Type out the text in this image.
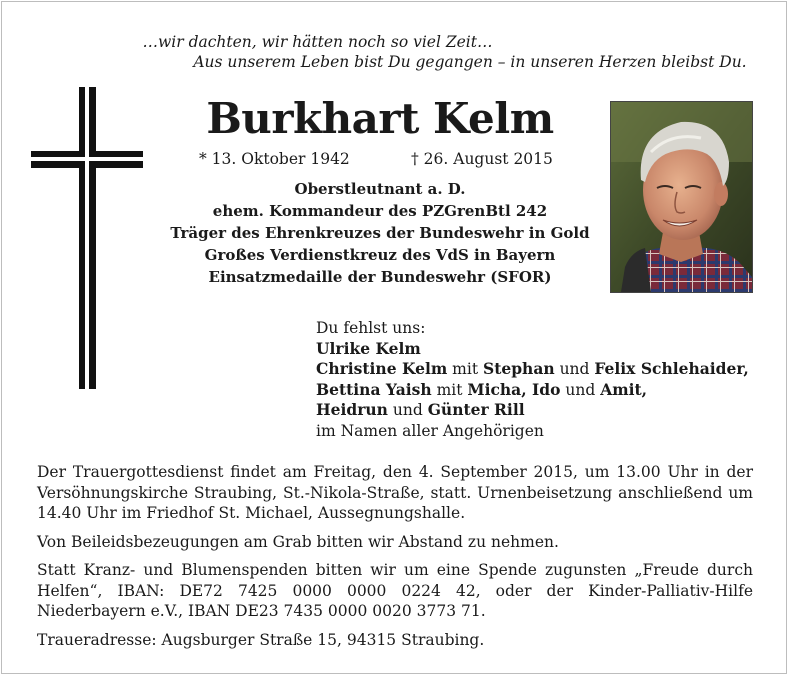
…wir dachten, wir hätten noch so viel Zeit…
Aus unserem Leben bist Du gegangen – in unseren Herzen bleibst Du.
Burkhart Kelm
* 13. Oktober 1942	† 26. August 2015
Oberstleutnant a. D.
ehem. Kommandeur des PZGrenBtl 242
Träger des Ehrenkreuzes der Bundeswehr in Gold
Großes Verdienstkreuz des VdS in Bayern
Einsatzmedaille der Bundeswehr (SFOR)
Du fehlst uns:
Ulrike Kelm
Christine Kelm mit Stephan und Felix Schlehaider,
Bettina Yaish mit Micha, Ido und Amit,
Heidrun und Günter Rill
im Namen aller Angehörigen

Der Trauergottesdienst findet am Freitag, den 4. September 2015, um 13.00 Uhr in der Versöhnungskirche Straubing, St.-Nikola-Straße, statt. Urnenbeisetzung anschließend um 14.40 Uhr im Friedhof St. Michael, Aussegnungshalle.

Von Beileidsbezeugungen am Grab bitten wir Abstand zu nehmen.

Statt Kranz- und Blumenspenden bitten wir um eine Spende zugunsten „Freude durch Helfen“, IBAN: DE72 7425 0000 0000 0224 42, oder der Kinder-Palliativ-Hilfe Niederbayern e.V., IBAN DE23 7435 0000 0020 3773 71.

Traueradresse: Augsburger Straße 15, 94315 Straubing.
